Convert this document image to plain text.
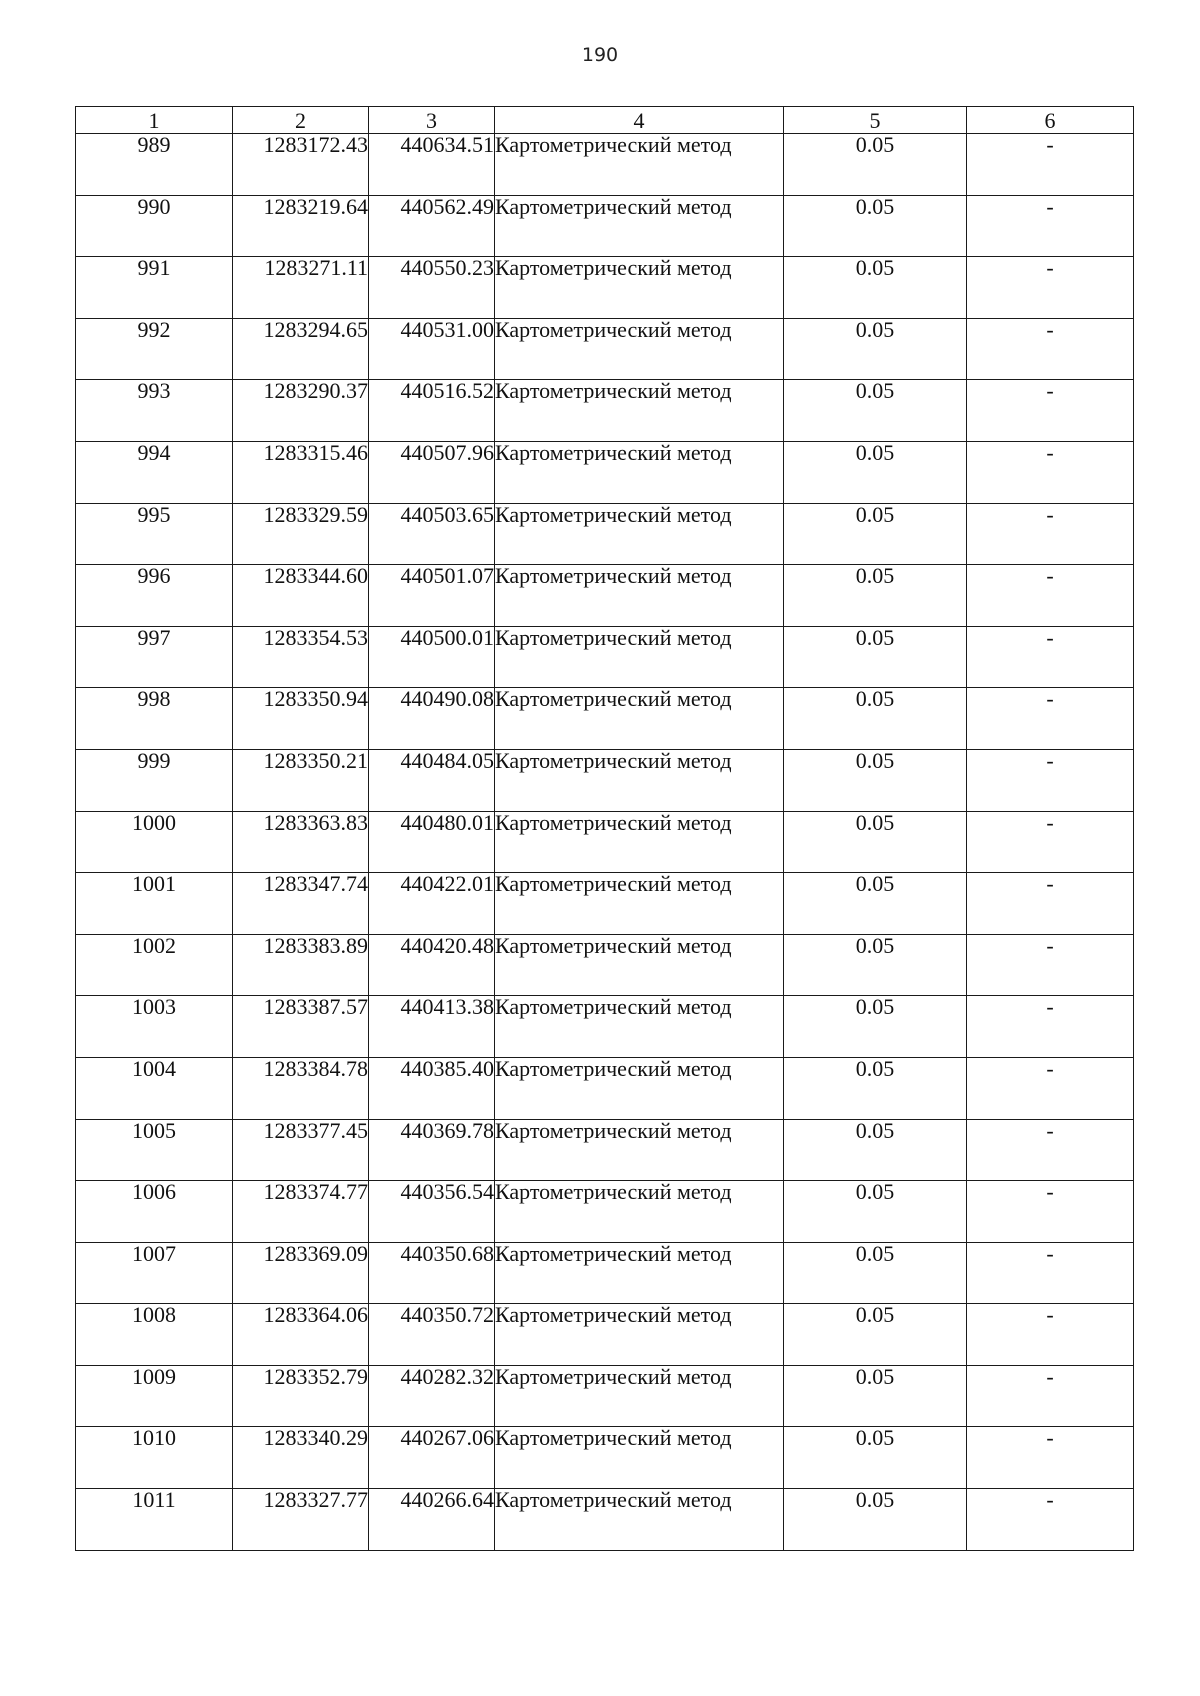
190
1	2	3	4	5	6
989	1283172.43	440634.51	Картометрический метод	0.05	-
990	1283219.64	440562.49	Картометрический метод	0.05	-
991	1283271.11	440550.23	Картометрический метод	0.05	-
992	1283294.65	440531.00	Картометрический метод	0.05	-
993	1283290.37	440516.52	Картометрический метод	0.05	-
994	1283315.46	440507.96	Картометрический метод	0.05	-
995	1283329.59	440503.65	Картометрический метод	0.05	-
996	1283344.60	440501.07	Картометрический метод	0.05	-
997	1283354.53	440500.01	Картометрический метод	0.05	-
998	1283350.94	440490.08	Картометрический метод	0.05	-
999	1283350.21	440484.05	Картометрический метод	0.05	-
1000	1283363.83	440480.01	Картометрический метод	0.05	-
1001	1283347.74	440422.01	Картометрический метод	0.05	-
1002	1283383.89	440420.48	Картометрический метод	0.05	-
1003	1283387.57	440413.38	Картометрический метод	0.05	-
1004	1283384.78	440385.40	Картометрический метод	0.05	-
1005	1283377.45	440369.78	Картометрический метод	0.05	-
1006	1283374.77	440356.54	Картометрический метод	0.05	-
1007	1283369.09	440350.68	Картометрический метод	0.05	-
1008	1283364.06	440350.72	Картометрический метод	0.05	-
1009	1283352.79	440282.32	Картометрический метод	0.05	-
1010	1283340.29	440267.06	Картометрический метод	0.05	-
1011	1283327.77	440266.64	Картометрический метод	0.05	-
